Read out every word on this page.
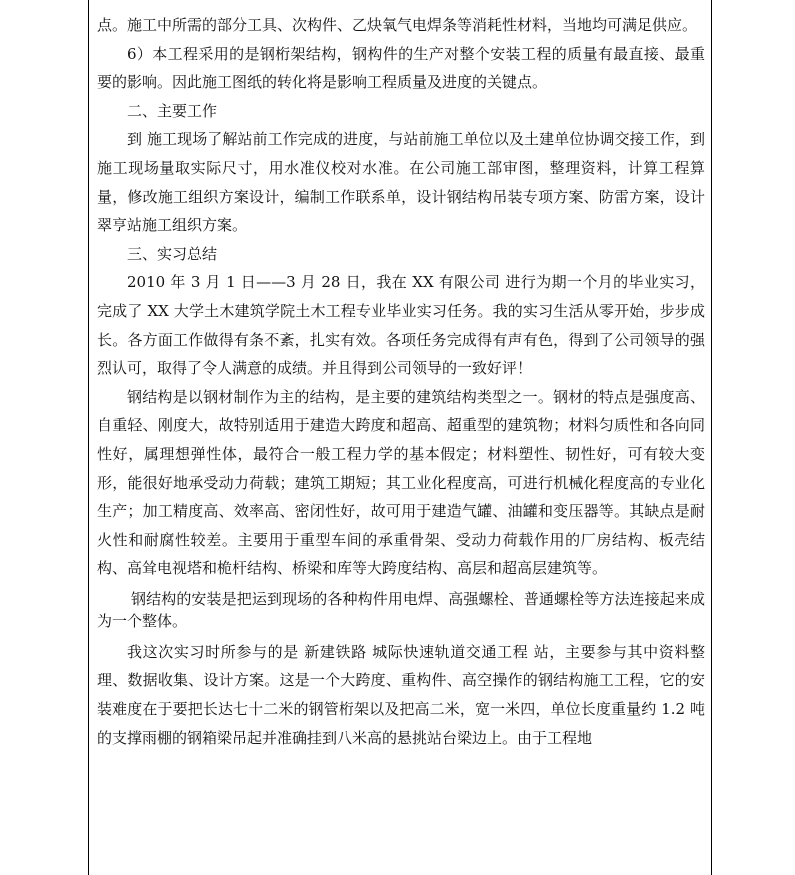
点。施工中所需的部分工具、次构件、乙炔氧气电焊条等消耗性材料，当地均可满足供应。

6）本工程采用的是钢桁架结构，钢构件的生产对整个安装工程的质量有最直接、最重要的影响。因此施工图纸的转化将是影响工程质量及进度的关键点。

二、主要工作

到 施工现场了解站前工作完成的进度，与站前施工单位以及土建单位协调交接工作，到施工现场量取实际尺寸，用水准仪校对水准。在公司施工部审图，整理资料，计算工程算量，修改施工组织方案设计，编制工作联系单，设计钢结构吊装专项方案、防雷方案，设计翠亨站施工组织方案。

三、实习总结

2010 年 3 月 1 日——3 月 28 日，我在 XX 有限公司 进行为期一个月的毕业实习，完成了 XX 大学土木建筑学院土木工程专业毕业实习任务。我的实习生活从零开始，步步成长。各方面工作做得有条不紊，扎实有效。各项任务完成得有声有色，得到了公司领导的强烈认可，取得了令人满意的成绩。并且得到公司领导的一致好评！

钢结构是以钢材制作为主的结构，是主要的建筑结构类型之一。钢材的特点是强度高、自重轻、刚度大，故特别适用于建造大跨度和超高、超重型的建筑物；材料匀质性和各向同性好，属理想弹性体，最符合一般工程力学的基本假定；材料塑性、韧性好，可有较大变形，能很好地承受动力荷载；建筑工期短；其工业化程度高，可进行机械化程度高的专业化生产；加工精度高、效率高、密闭性好，故可用于建造气罐、油罐和变压器等。其缺点是耐火性和耐腐性较差。主要用于重型车间的承重骨架、受动力荷载作用的厂房结构、板壳结构、高耸电视塔和桅杆结构、桥梁和库等大跨度结构、高层和超高层建筑等。

钢结构的安装是把运到现场的各种构件用电焊、高强螺栓、普通螺栓等方法连接起来成为一个整体。

我这次实习时所参与的是 新建铁路 城际快速轨道交通工程 站，主要参与其中资料整理、数据收集、设计方案。这是一个大跨度、重构件、高空操作的钢结构施工工程，它的安装难度在于要把长达七十二米的钢管桁架以及把高二米，宽一米四，单位长度重量约 1.2 吨的支撑雨棚的钢箱梁吊起并准确挂到八米高的悬挑站台梁边上。由于工程地
